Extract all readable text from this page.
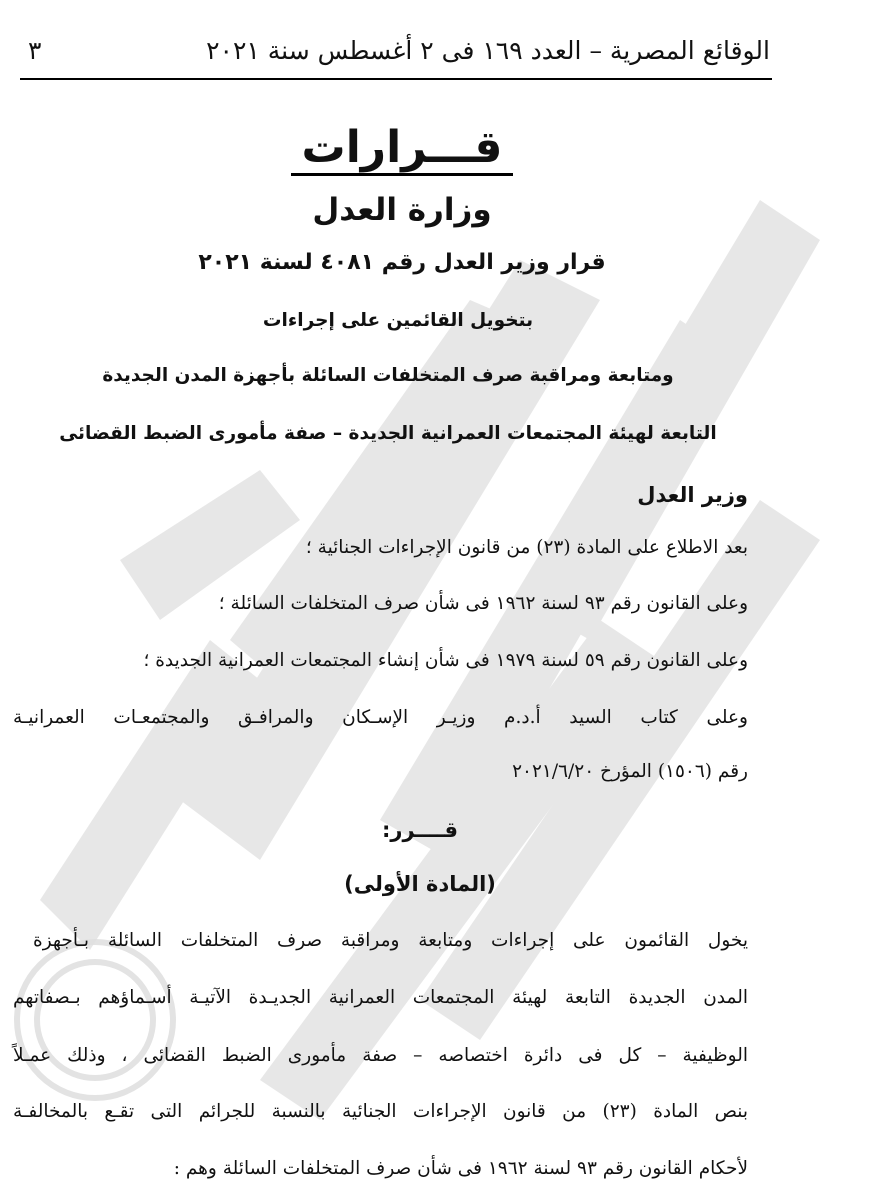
الوقائع المصرية – العدد ١٦٩ فى ٢ أغسطس سنة ٢٠٢١
٣
قـــرارات
وزارة العدل
قرار وزير العدل رقم ٤٠٨١ لسنة ٢٠٢١
بتخويل القائمين على إجراءات
ومتابعة ومراقبة صرف المتخلفات السائلة بأجهزة المدن الجديدة
التابعة لهيئة المجتمعات العمرانية الجديدة – صفة مأمورى الضبط القضائى
وزير العدل
بعد الاطلاع على المادة (٢٣) من قانون الإجراءات الجنائية ؛
وعلى القانون رقم ٩٣ لسنة ١٩٦٢ فى شأن صرف المتخلفات السائلة ؛
وعلى القانون رقم ٥٩ لسنة ١٩٧٩ فى شأن إنشاء المجتمعات العمرانية الجديدة ؛
وعلى كتاب السيد أ.د.م وزيـر الإسـكان والمرافـق والمجتمعـات العمرانيـة
رقم (١٥٠٦) المؤرخ ٢٠٢١/٦/٢٠
قــــرر:
(المادة الأولى)
يخول القائمون على إجراءات ومتابعة ومراقبة صرف المتخلفات السائلة بـأجهزة
المدن الجديدة التابعة لهيئة المجتمعات العمرانية الجديـدة الآتيـة أسـماؤهم بـصفاتهم
الوظيفية – كل فى دائرة اختصاصه – صفة مأمورى الضبط القضائى ، وذلك عمـلاً
بنص المادة (٢٣) من قانون الإجراءات الجنائية بالنسبة للجرائم التى تقـع بالمخالفـة
لأحكام القانون رقم ٩٣ لسنة ١٩٦٢ فى شأن صرف المتخلفات السائلة وهم :
